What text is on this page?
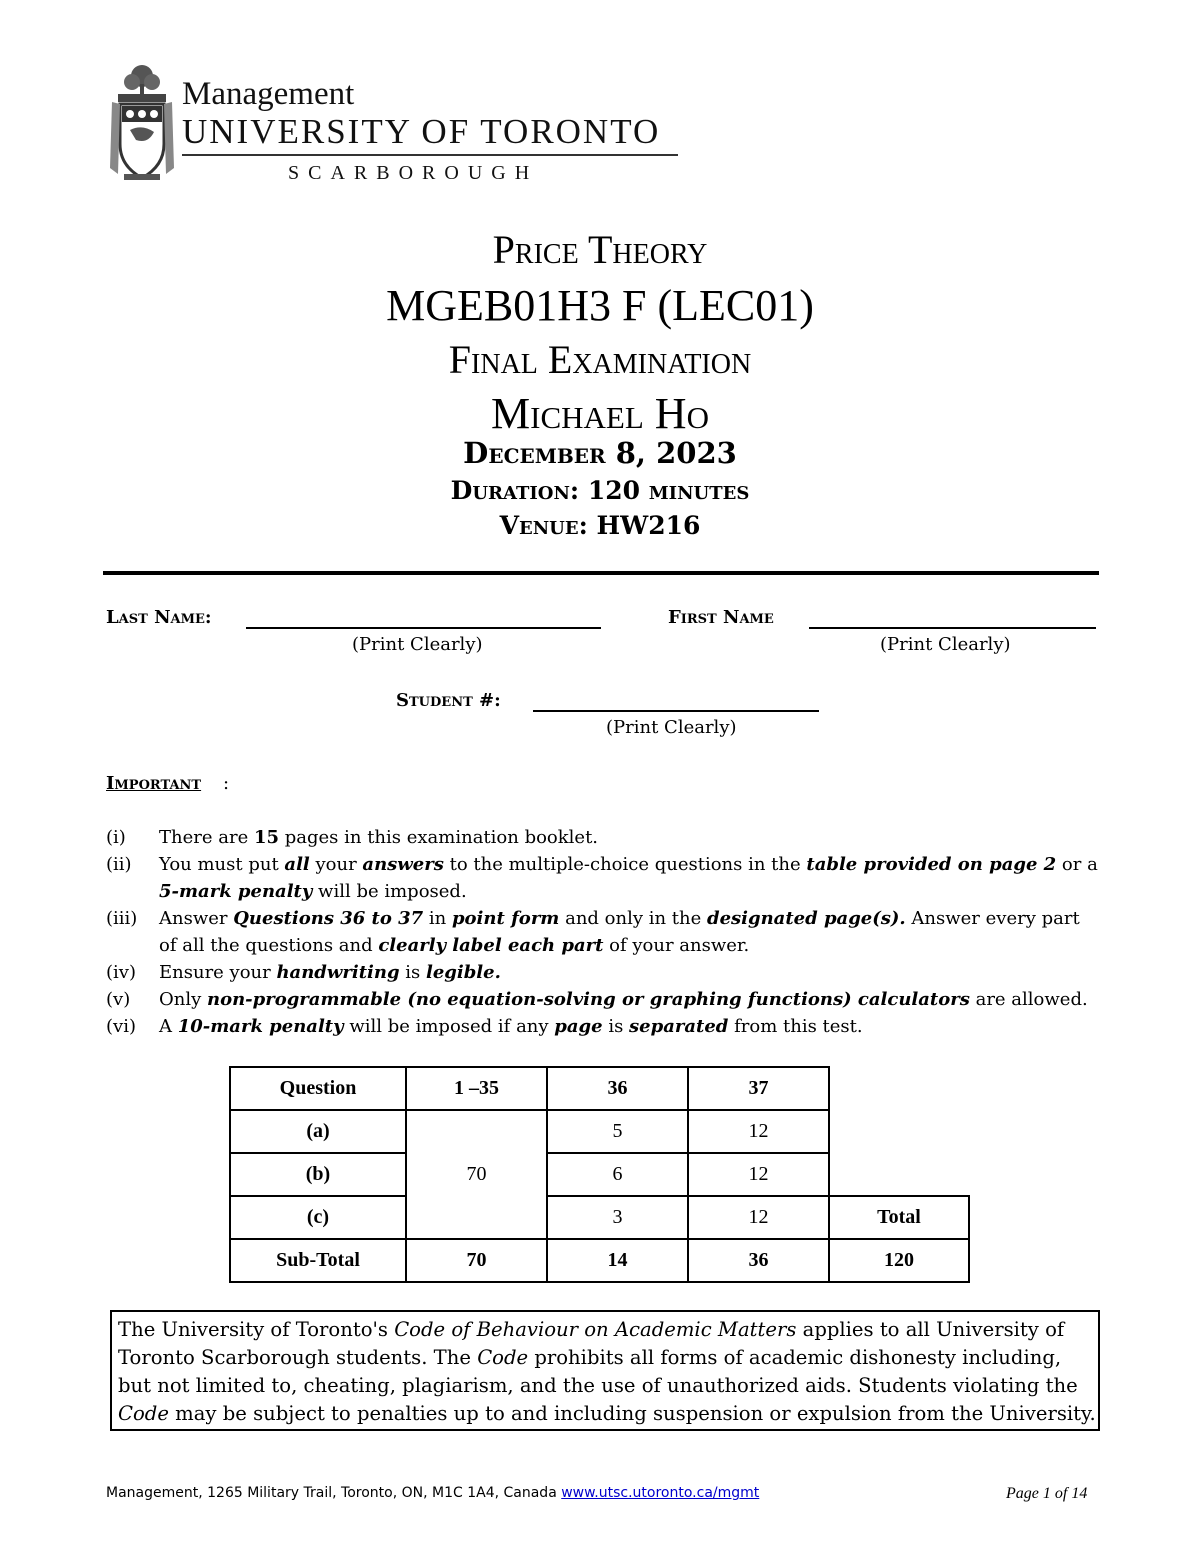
Management
UNIVERSITY OF TORONTO
SCARBOROUGH
Price Theory
MGEB01H3 F (LEC01)
Final Examination
Michael Ho
December 8, 2023
Duration: 120 minutes
Venue: HW216
Last Name:
(Print Clearly)
First Name
(Print Clearly)
Student #:
(Print Clearly)
Important :
(i) There are 15 pages in this examination booklet.
(ii) You must put all your answers to the multiple-choice questions in the table provided on page 2 or a 5-mark penalty will be imposed.
(iii) Answer Questions 36 to 37 in point form and only in the designated page(s). Answer every part of all the questions and clearly label each part of your answer.
(iv) Ensure your handwriting is legible.
(v) Only non-programmable (no equation-solving or graphing functions) calculators are allowed.
(vi) A 10-mark penalty will be imposed if any page is separated from this test.
Question	1 –35	36	37	
(a)	70	5	12	
(b)		6	12	
(c)		3	12	Total
Sub-Total	70	14	36	120
The University of Toronto's Code of Behaviour on Academic Matters applies to all University of Toronto Scarborough students. The Code prohibits all forms of academic dishonesty including, but not limited to, cheating, plagiarism, and the use of unauthorized aids. Students violating the Code may be subject to penalties up to and including suspension or expulsion from the University.
Management, 1265 Military Trail, Toronto, ON, M1C 1A4, Canada www.utsc.utoronto.ca/mgmt	Page 1 of 14
